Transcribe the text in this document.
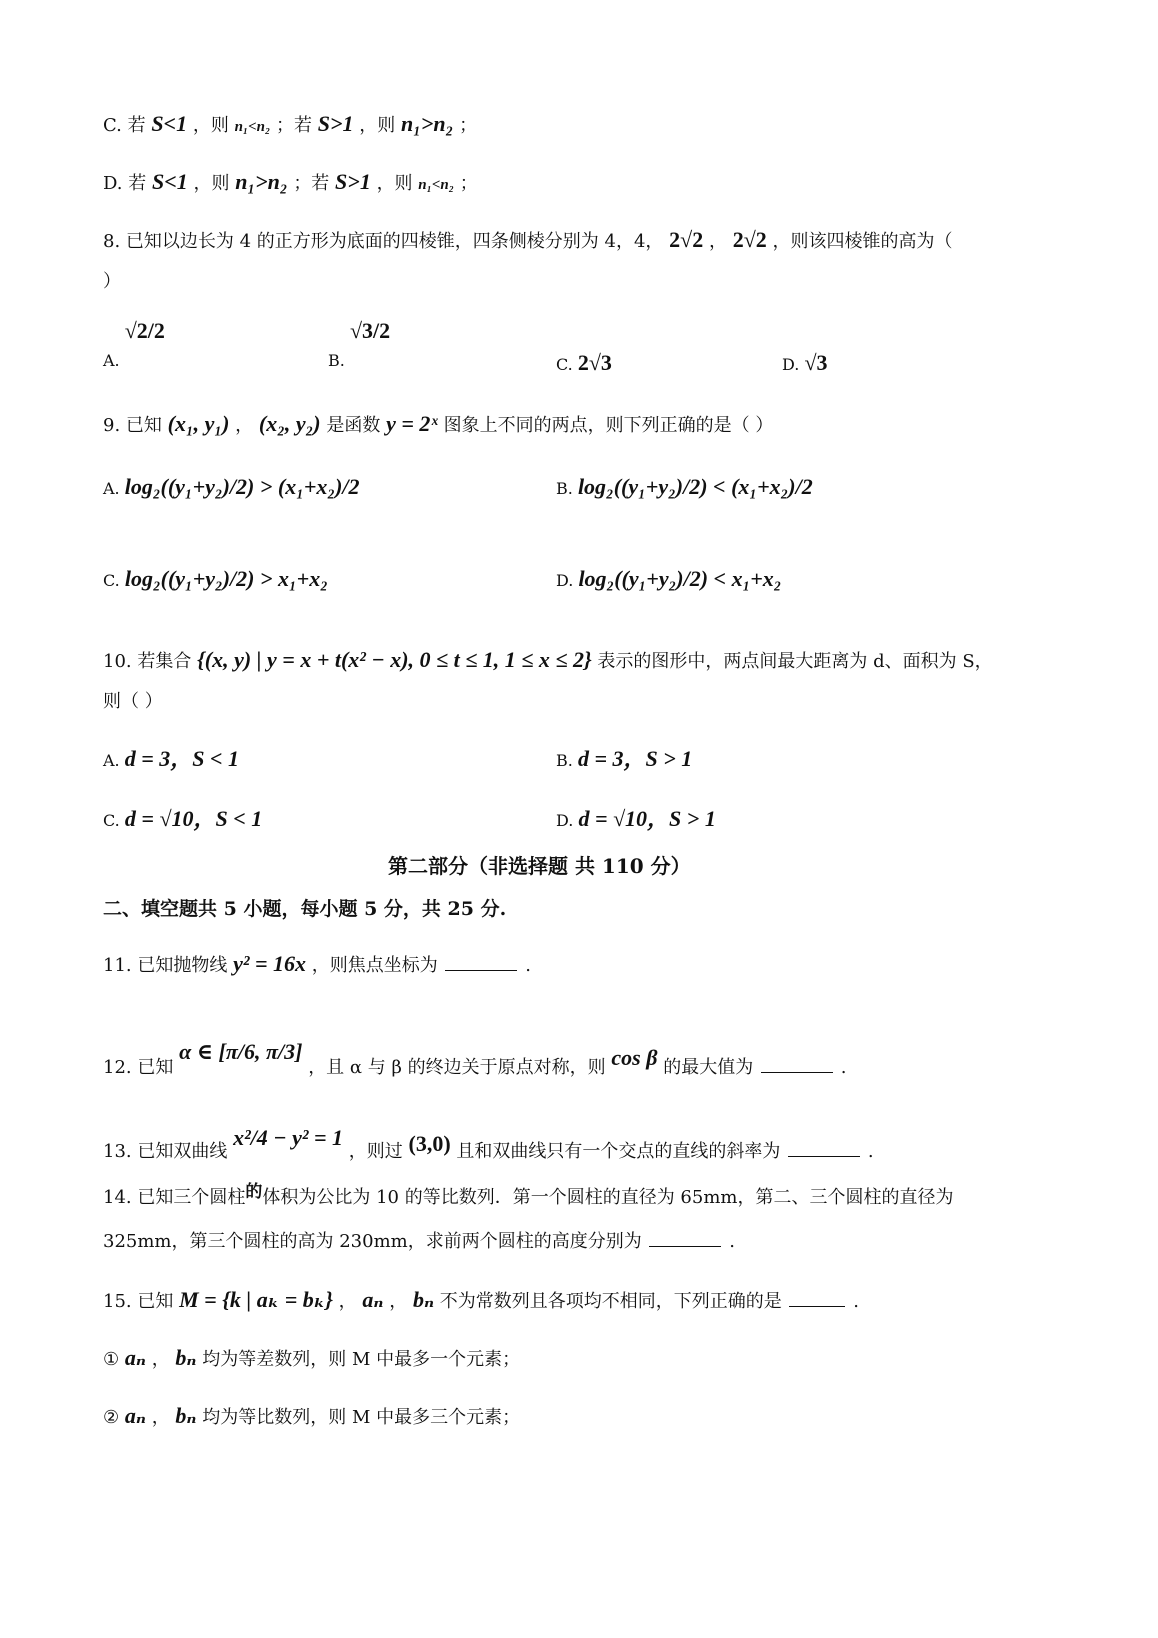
C. 若 S<1 ，则 n₁<n₂ ；若 S>1 ，则 n₁>n₂ ；
D. 若 S<1 ，则 n₁>n₂ ；若 S>1 ，则 n₁<n₂ ；
8. 已知以边长为 4 的正方形为底面的四棱锥，四条侧棱分别为 4，4， 2√2 ， 2√2 ，则该四棱锥的高为（
）
A. √2/2
B. √3/2
C. 2√3	D. √3
9. 已知 (x₁, y₁) ， (x₂, y₂) 是函数 y = 2ˣ 图象上不同的两点，则下列正确的是（ ）
A. log₂((y₁+y₂)/2) > (x₁+x₂)/2	B. log₂((y₁+y₂)/2) < (x₁+x₂)/2
C. log₂((y₁+y₂)/2) > x₁+x₂	D. log₂((y₁+y₂)/2) < x₁+x₂
10. 若集合 {(x, y) | y = x + t(x² − x), 0 ≤ t ≤ 1, 1 ≤ x ≤ 2} 表示的图形中，两点间最大距离为 d、面积为 S，
则（ ）
A. d = 3，S < 1	B. d = 3，S > 1
C. d = √10，S < 1	D. d = √10，S > 1
第二部分（非选择题 共 110 分）
二、填空题共 5 小题，每小题 5 分，共 25 分.
11. 已知抛物线 y² = 16x ，则焦点坐标为	.
12. 已知 α ∈ [π/6, π/3] ，且 α 与 β 的终边关于原点对称，则 cos β 的最大值为	.
13. 已知双曲线 x²/4 − y² = 1 ，则过 (3,0) 且和双曲线只有一个交点的直线的斜率为	.
14. 已知三个圆柱的体积为公比为 10 的等比数列．第一个圆柱的直径为 65mm，第二、三个圆柱的直径为
325mm，第三个圆柱的高为 230mm，求前两个圆柱的高度分别为	.
15. 已知 M = {k | aₖ = bₖ} ， aₙ ， bₙ 不为常数列且各项均不相同，下列正确的是	.
① aₙ ， bₙ 均为等差数列，则 M 中最多一个元素；
② aₙ ， bₙ 均为等比数列，则 M 中最多三个元素；
